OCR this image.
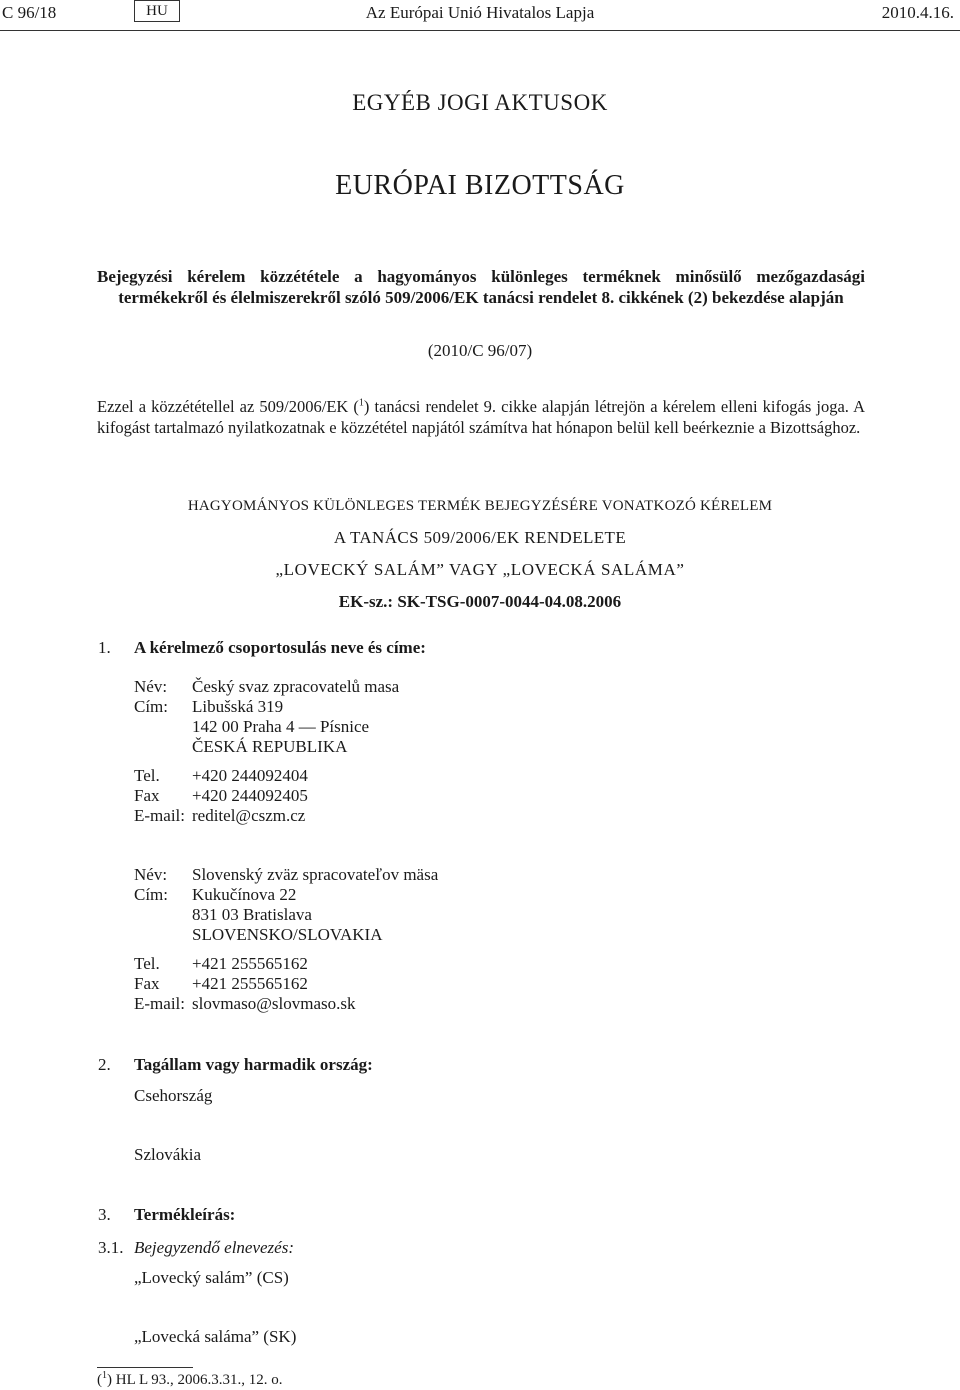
C 96/18	HU	Az Európai Unió Hivatalos Lapja	2010.4.16.
EGYÉB JOGI AKTUSOK
EURÓPAI BIZOTTSÁG
Bejegyzési kérelem közzététele a hagyományos különleges terméknek minősülő mezőgazdasági termékekről és élelmiszerekről szóló 509/2006/EK tanácsi rendelet 8. cikkének (2) bekezdése alapján
(2010/C 96/07)
Ezzel a közzététellel az 509/2006/EK ($^1$) tanácsi rendelet 9. cikke alapján létrejön a kérelem elleni kifogás joga. A kifogást tartalmazó nyilatkozatnak e közzététel napjától számítva hat hónapon belül kell beérkeznie a Bizottsághoz.
HAGYOMÁNYOS KÜLÖNLEGES TERMÉK BEJEGYZÉSÉRE VONATKOZÓ KÉRELEM
A TANÁCS 509/2006/EK RENDELETE
„LOVECKÝ SALÁM” VAGY „LOVECKÁ SALÁMA”
EK-sz.: SK-TSG-0007-0044-04.08.2006
1. A kérelmező csoportosulás neve és címe:
Név: Český svaz zpracovatelů masa
Cím: Libušská 319
142 00 Praha 4 — Písnice
ČESKÁ REPUBLIKA
Tel. +420 244092404
Fax +420 244092405
E-mail: reditel@cszm.cz
Név: Slovenský zväz spracovateľov mäsa
Cím: Kukučínova 22
831 03 Bratislava
SLOVENSKO/SLOVAKIA
Tel. +421 255565162
Fax +421 255565162
E-mail: slovmaso@slovmaso.sk
2. Tagállam vagy harmadik ország:
Csehország
Szlovákia
3. Termékleírás:
3.1. Bejegyzendő elnevezés:
„Lovecký salám” (CS)
„Lovecká saláma” (SK)
($^1$) HL L 93., 2006.3.31., 12. o.
